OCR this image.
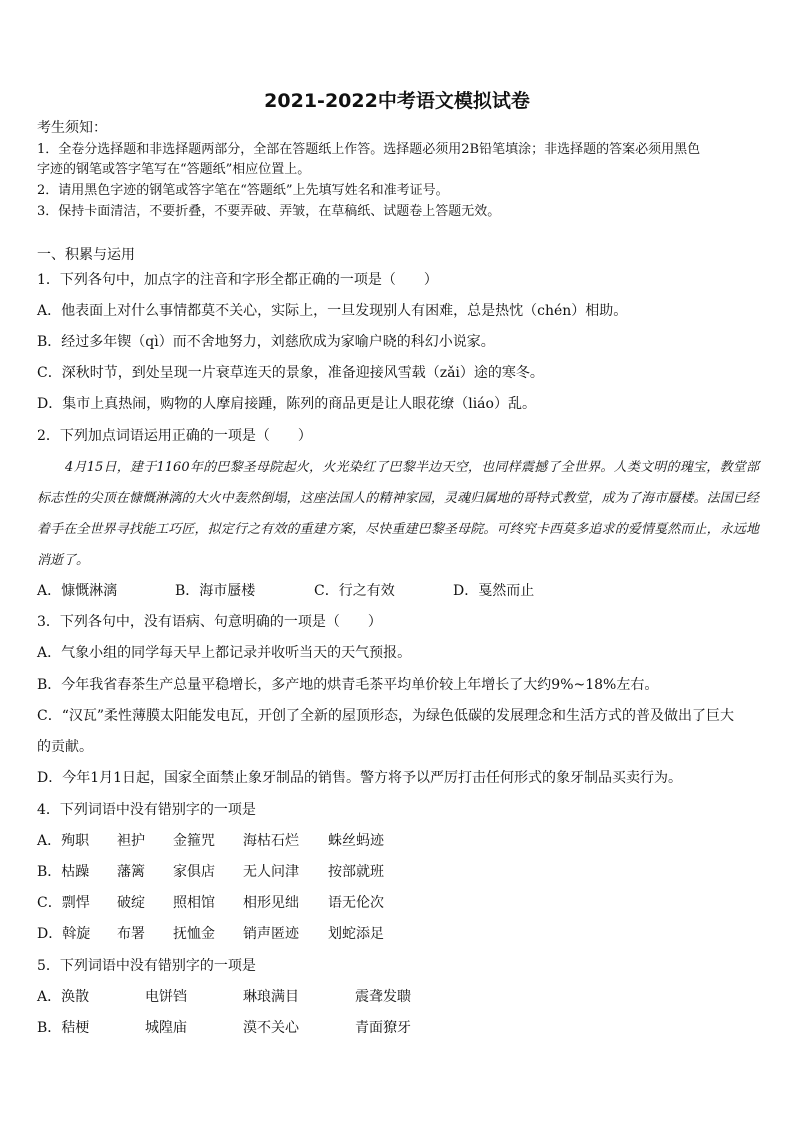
2021-2022中考语文模拟试卷
考生须知：
1．全卷分选择题和非选择题两部分，全部在答题纸上作答。选择题必须用2B铅笔填涂；非选择题的答案必须用黑色
字迹的钢笔或答字笔写在“答题纸”相应位置上。
2．请用黑色字迹的钢笔或答字笔在“答题纸”上先填写姓名和准考证号。
3．保持卡面清洁，不要折叠，不要弄破、弄皱，在草稿纸、试题卷上答题无效。
一、积累与运用
1．下列各句中，加点字的注音和字形全都正确的一项是（　　）
A．他表面上对什么事情都莫不关心，实际上，一旦发现别人有困难，总是热忱（chén）相助。
B．经过多年锲（qì）而不舍地努力，刘慈欣成为家喻户晓的科幻小说家。
C．深秋时节，到处呈现一片衰草连天的景象，准备迎接风雪载（zǎi）途的寒冬。
D．集市上真热闹，购物的人摩肩接踵，陈列的商品更是让人眼花缭（liáo）乱。
2．下列加点词语运用正确的一项是（　　）
4月15日，建于1160年的巴黎圣母院起火，火光染红了巴黎半边天空，也同样震撼了全世界。人类文明的瑰宝，教堂部标志性的尖顶在慷慨淋漓的大火中轰然倒塌，这座法国人的精神家园，灵魂归属地的哥特式教堂，成为了海市蜃楼。法国已经着手在全世界寻找能工巧匠，拟定行之有效的重建方案，尽快重建巴黎圣母院。可终究卡西莫多追求的爱情戛然而止，永远地消逝了。
A．慷慨淋漓	B．海市蜃楼	C．行之有效	D．戛然而止
3．下列各句中，没有语病、句意明确的一项是（　　）
A．气象小组的同学每天早上都记录并收听当天的天气预报。
B．今年我省春茶生产总量平稳增长，多产地的烘青毛茶平均单价较上年增长了大约9%~18%左右。
C．“汉瓦”柔性薄膜太阳能发电瓦，开创了全新的屋顶形态，为绿色低碳的发展理念和生活方式的普及做出了巨大
的贡献。
D．今年1月1日起，国家全面禁止象牙制品的销售。警方将予以严厉打击任何形式的象牙制品买卖行为。
4．下列词语中没有错别字的一项是
A．殉职 袒护 金箍咒 海枯石烂 蛛丝蚂迹
B．枯躁 藩篱 家俱店 无人问津 按部就班
C．剽悍 破绽 照相馆 相形见绌 语无伦次
D．斡旋 布署 抚恤金 销声匿迹 划蛇添足
5．下列词语中没有错别字的一项是
A．涣散	电饼铛	琳琅满目	震聋发聩
B．秸梗	城隍庙	漠不关心	青面獠牙
